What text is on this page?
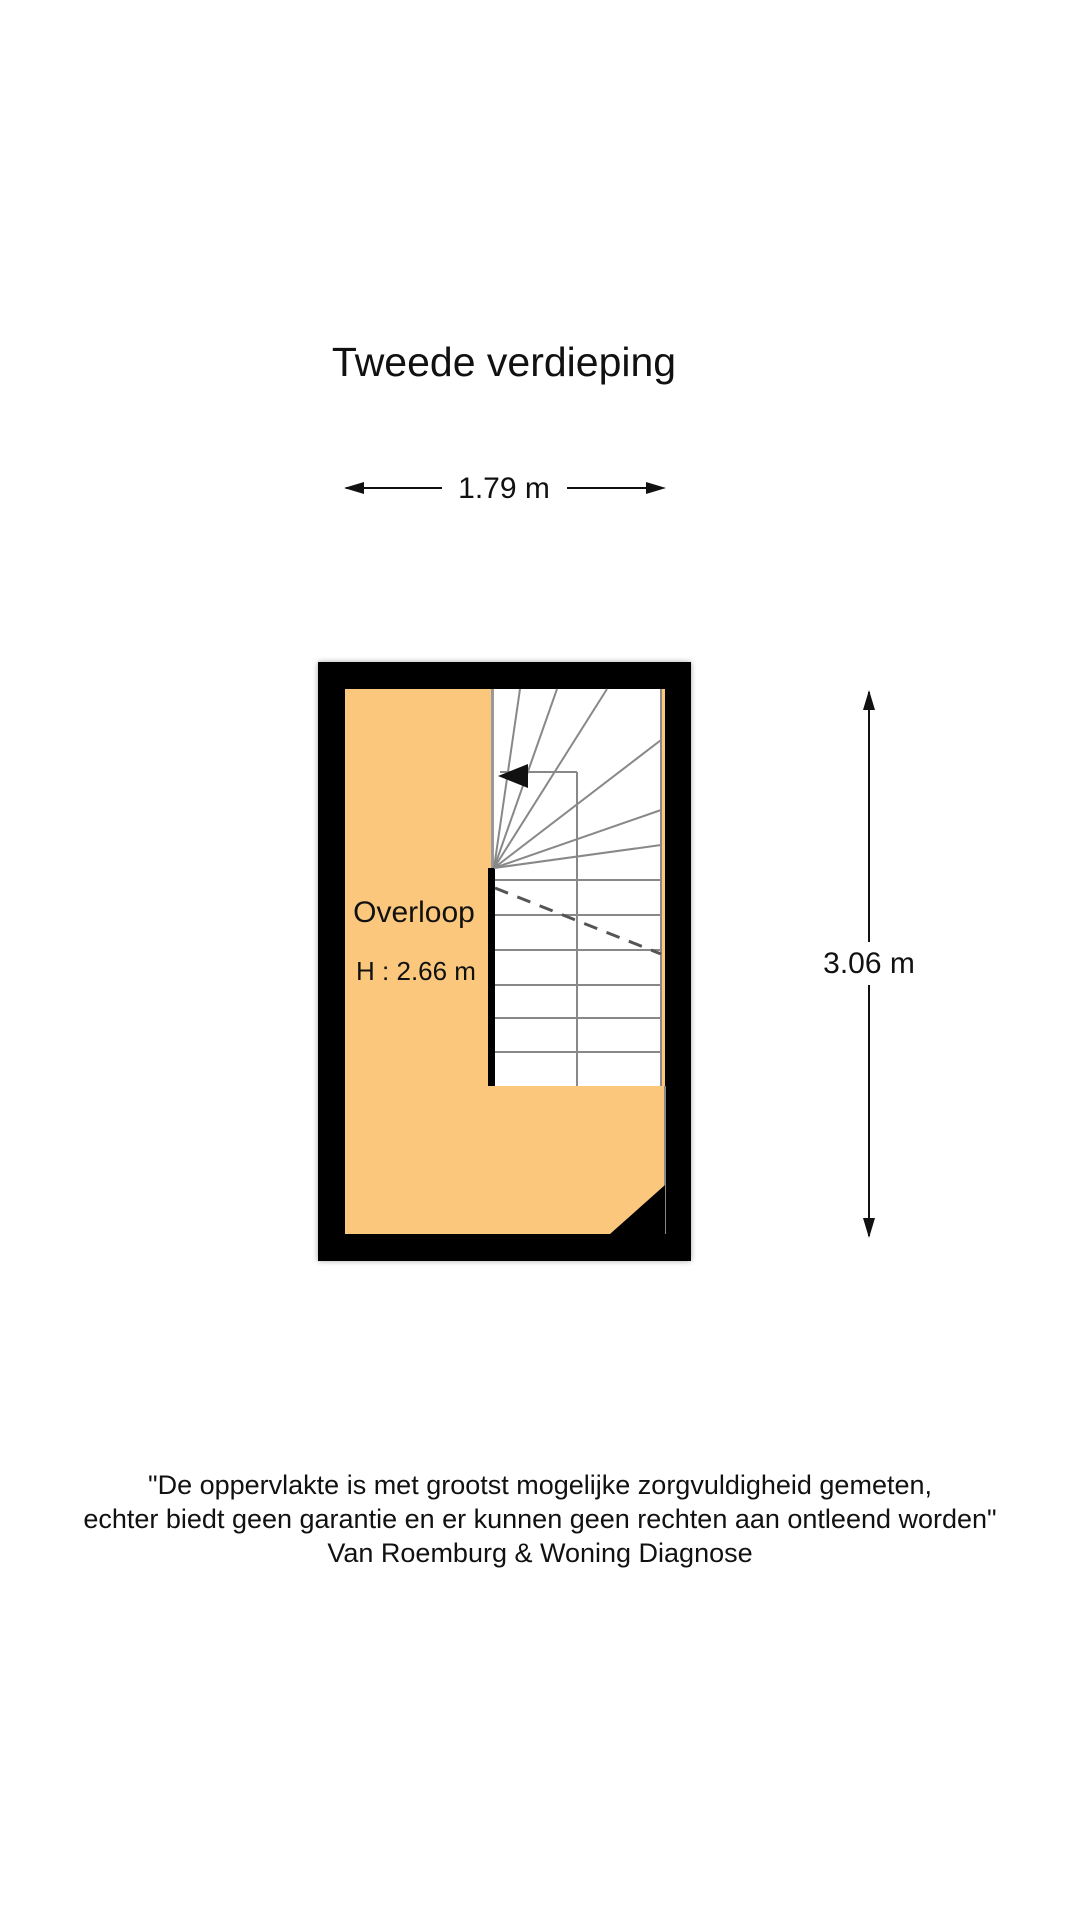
Tweede verdieping
1.79 m
3.06 m
Overloop
H : 2.66 m
"De oppervlakte is met grootst mogelijke zorgvuldigheid gemeten,
echter biedt geen garantie en er kunnen geen rechten aan ontleend worden"
Van Roemburg & Woning Diagnose
